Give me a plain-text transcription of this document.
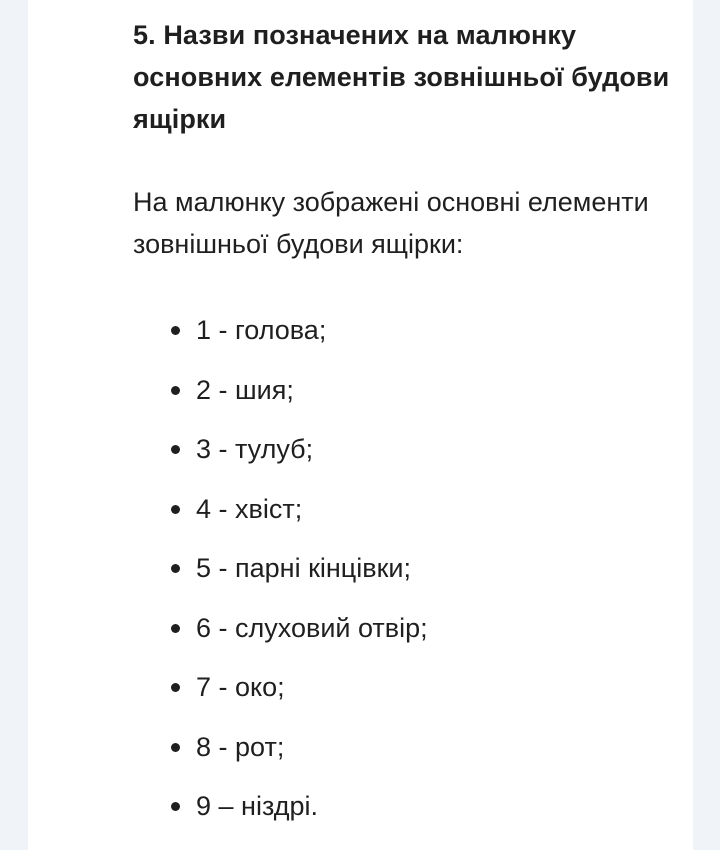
5. Назви позначених на малюнку основних елементів зовнішньої будови ящірки

На малюнку зображені основні елементи зовнішньої будови ящірки:

1 - голова;
2 - шия;
3 - тулуб;
4 - хвіст;
5 - парні кінцівки;
6 - слуховий отвір;
7 - око;
8 - рот;
9 – ніздрі.
